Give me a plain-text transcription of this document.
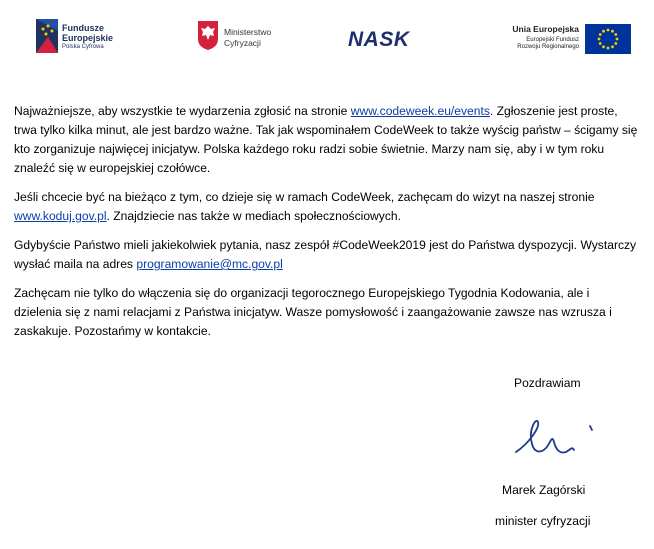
Fundusze
Europejskie
Polska Cyfrowa
Ministerstwo
Cyfryzacji	NASK	Unia Europejska
Europejski Fundusz
Rozwoju Regionalnego

Najważniejsze, aby wszystkie te wydarzenia zgłosić na stronie www.codeweek.eu/events. Zgłoszenie jest proste, trwa tylko kilka minut, ale jest bardzo ważne. Tak jak wspominałem CodeWeek to także wyścig państw – ścigamy się kto zorganizuje najwięcej inicjatyw. Polska każdego roku radzi sobie świetnie. Marzy nam się, aby i w tym roku znaleźć się w europejskiej czołówce.

Jeśli chcecie być na bieżąco z tym, co dzieje się w ramach CodeWeek, zachęcam do wizyt na naszej stronie www.koduj.gov.pl. Znajdziecie nas także w mediach społecznościowych.

Gdybyście Państwo mieli jakiekolwiek pytania, nasz zespół #CodeWeek2019 jest do Państwa dyspozycji. Wystarczy wysłać maila na adres programowanie@mc.gov.pl

Zachęcam nie tylko do włączenia się do organizacji tegorocznego Europejskiego Tygodnia Kodowania, ale i dzielenia się z nami relacjami z Państwa inicjatyw. Wasze pomysłowość i zaangażowanie zawsze nas wzrusza i zaskakuje. Pozostańmy w kontakcie.

Pozdrawiam
Marek Zagórski
minister cyfryzacji
